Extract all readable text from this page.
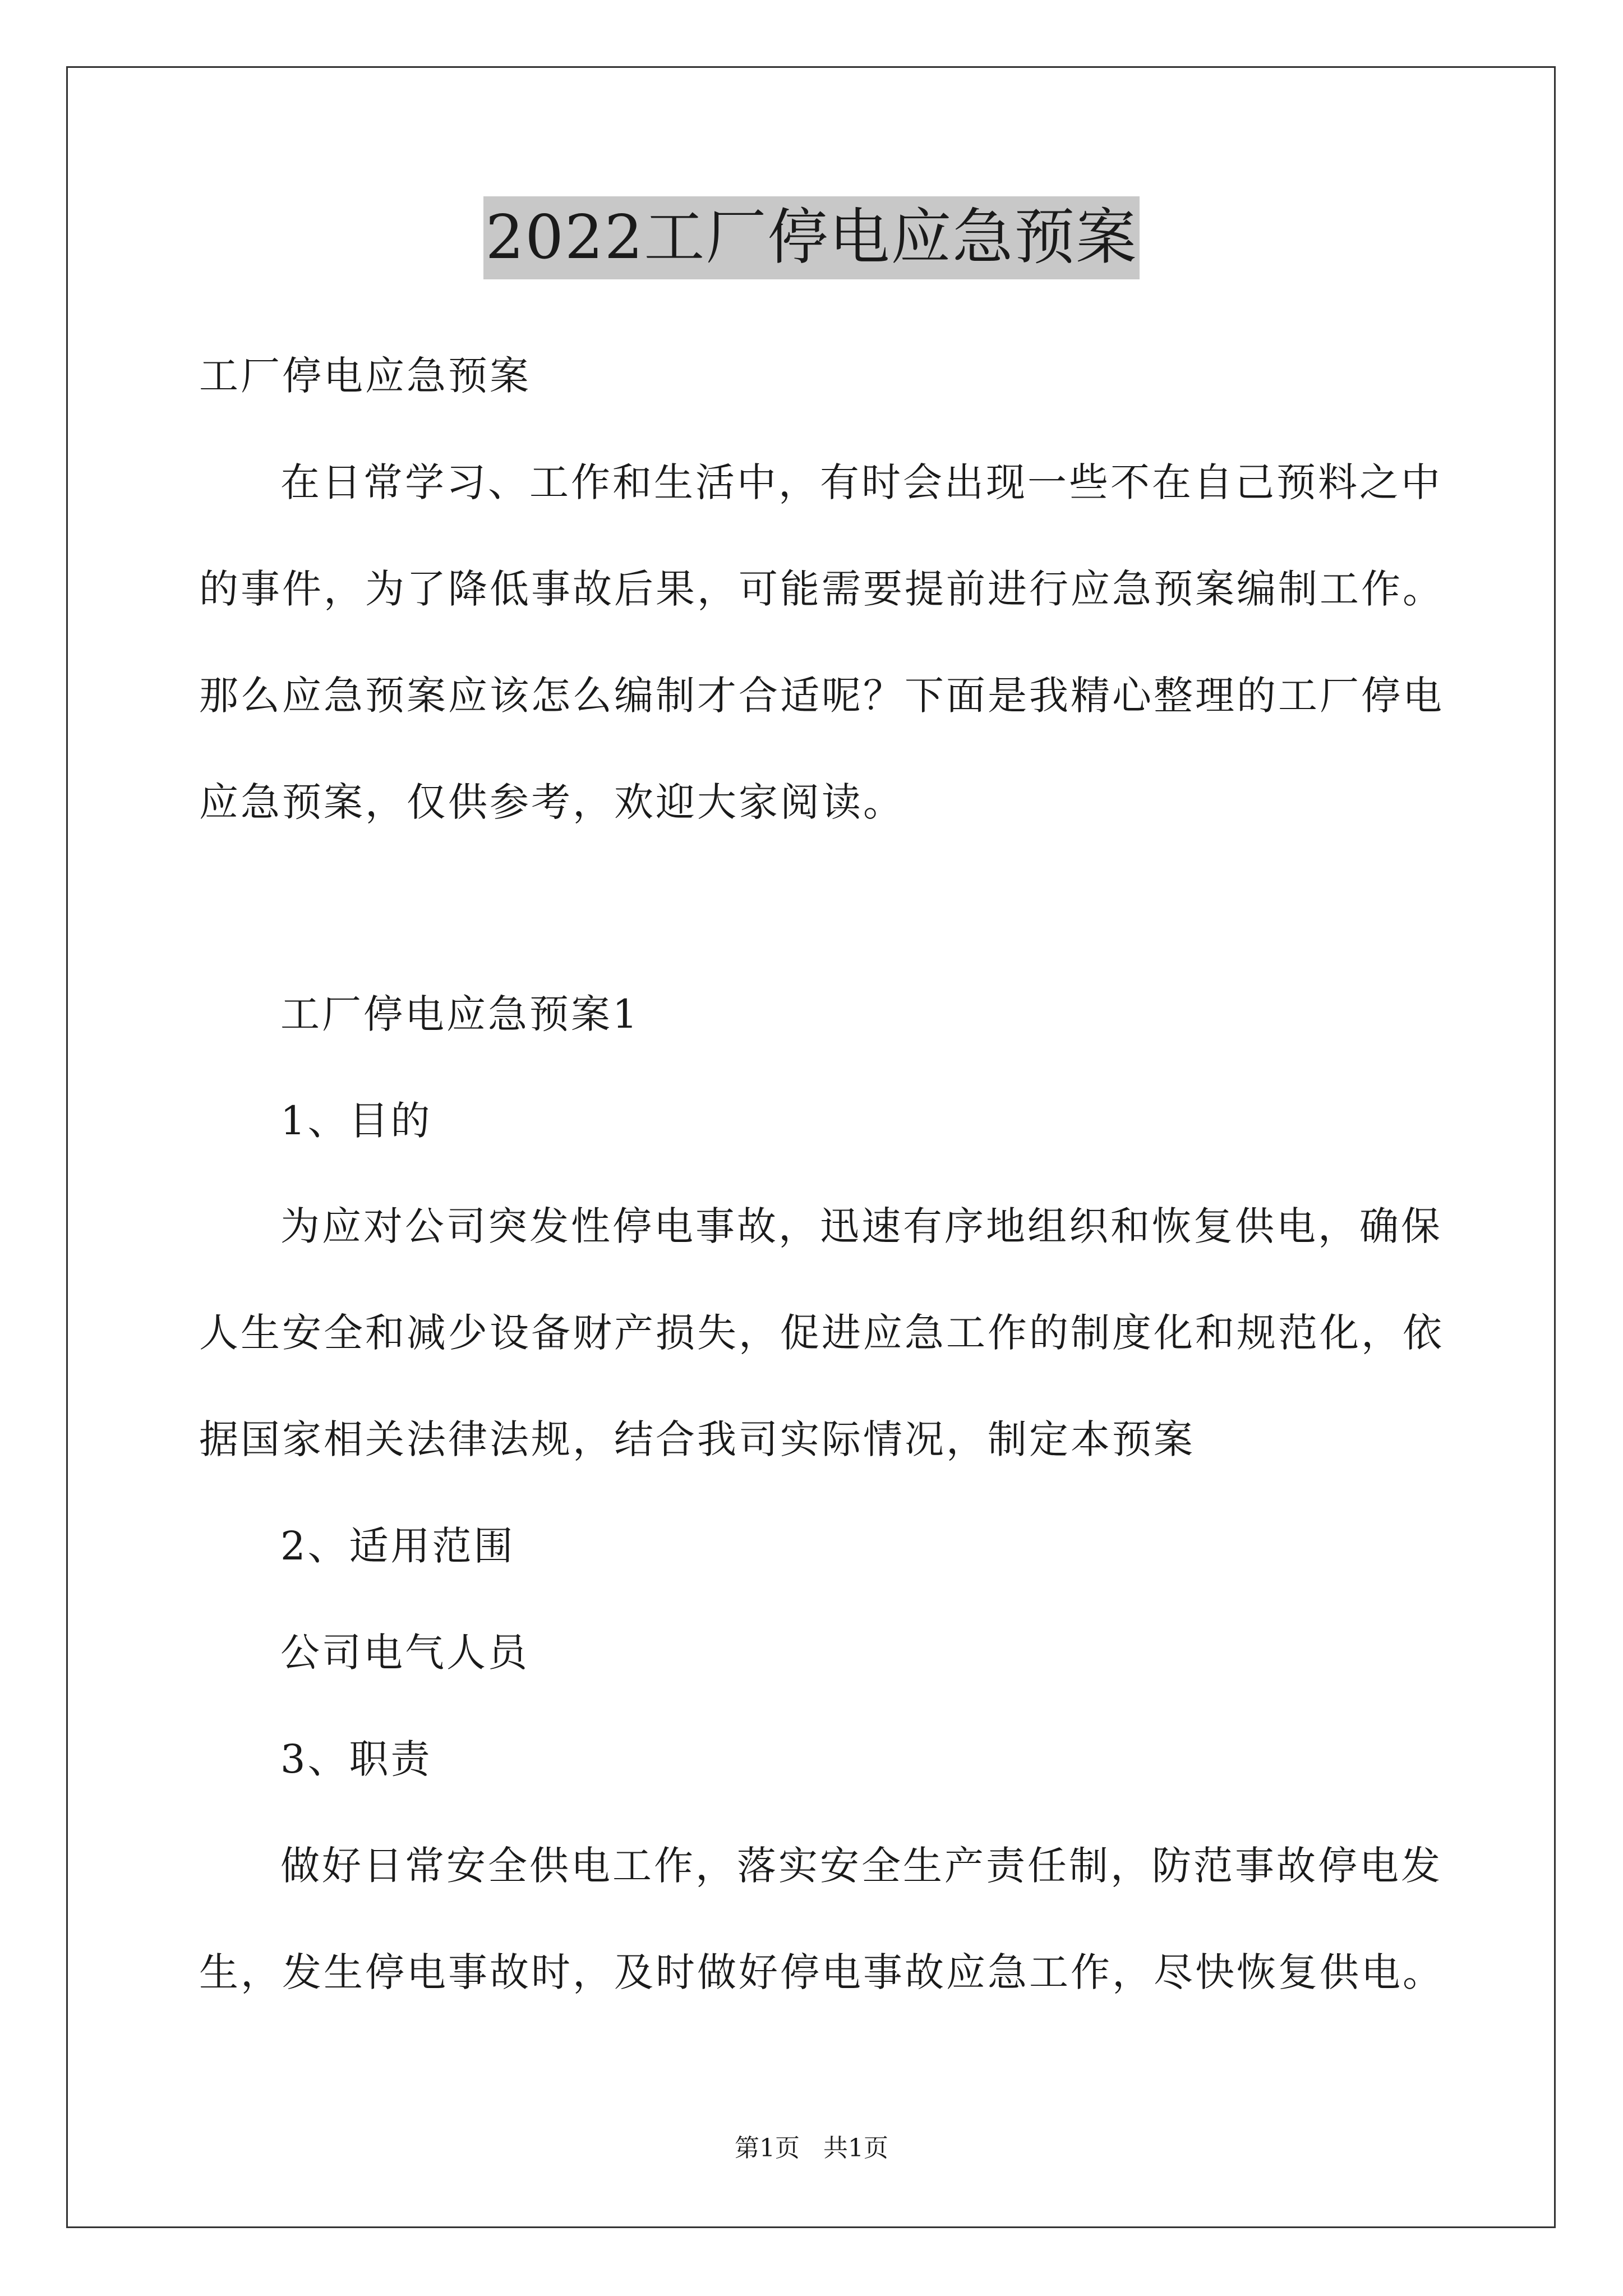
2022工厂停电应急预案
工厂停电应急预案
在日常学习、工作和生活中，有时会出现一些不在自己预料之中
的事件，为了降低事故后果，可能需要提前进行应急预案编制工作。
那么应急预案应该怎么编制才合适呢？下面是我精心整理的工厂停电
应急预案，仅供参考，欢迎大家阅读。
工厂停电应急预案1
1、目的
为应对公司突发性停电事故，迅速有序地组织和恢复供电，确保
人生安全和减少设备财产损失，促进应急工作的制度化和规范化，依
据国家相关法律法规，结合我司实际情况，制定本预案
2、适用范围
公司电气人员
3、职责
做好日常安全供电工作，落实安全生产责任制，防范事故停电发
生，发生停电事故时，及时做好停电事故应急工作，尽快恢复供电。
第1页   共1页
